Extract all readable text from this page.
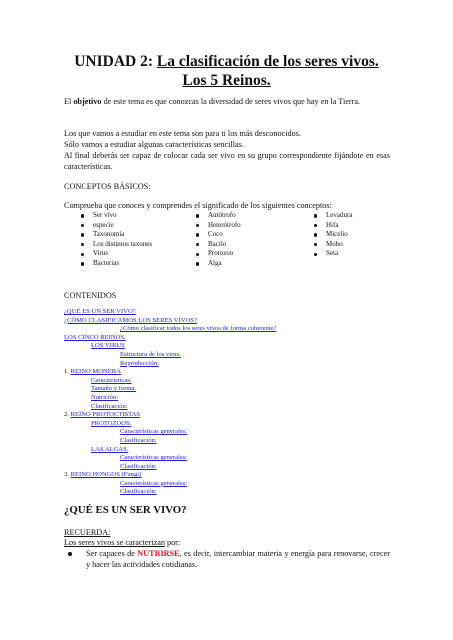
UNIDAD 2: La clasificación de los seres vivos.
Los 5 Reinos.

El objetivo de este tema es que conozcas la diversidad de seres vivos que hay en la Tierra.

Los que vamos a estudiar en este tema son para ti los más desconocidos.

Sólo vamos a estudiar algunas características sencillas.

Al final deberás ser capaz de colocar cada ser vivo en su grupo correspondiente fijándote en esas características.

CONCEPTOS BÁSICOS:

Comprueba que conoces y comprendes el significado de los siguientes conceptos:

Ser vivo
especie
Taxonomía
Los distintos taxones
Virus
Bacterias
Autótrofo
Heterótrofo
Coco
Bacilo
Protozoo
Alga
Levadura
Hifa
Micelio
Moho
Seta

CONTENIDOS

¿QUÉ ES UN SER VIVO?
¿CÓMO CLASIFICAMOS LOS SERES VIVOS?
¿Cómo clasificar todos los seres vivos de forma coherente?
LOS CINCO REINOS.
LOS VIRUS
Estructura de los virus.
Reproducción:
1. REINO MONERA
Características:
Tamaño y forma.
Nutrición:
Clasificación:
2. REINO PROTOCTISTAS
PROTOZOOS.
Características generales:
Clasificación:
LAS ALGAS.
Características generales:
Clasificación:
3. REINO HONGOS (Fungi)
Características generales:
Clasificación:
¿QUÉ ES UN SER VIVO?

RECUERDA:

Los seres vivos se caracterizan por:

Ser capaces de NUTRIRSE, es decir, intercambiar materia y energía para renovarse, crecer y hacer las actividades cotidianas.
